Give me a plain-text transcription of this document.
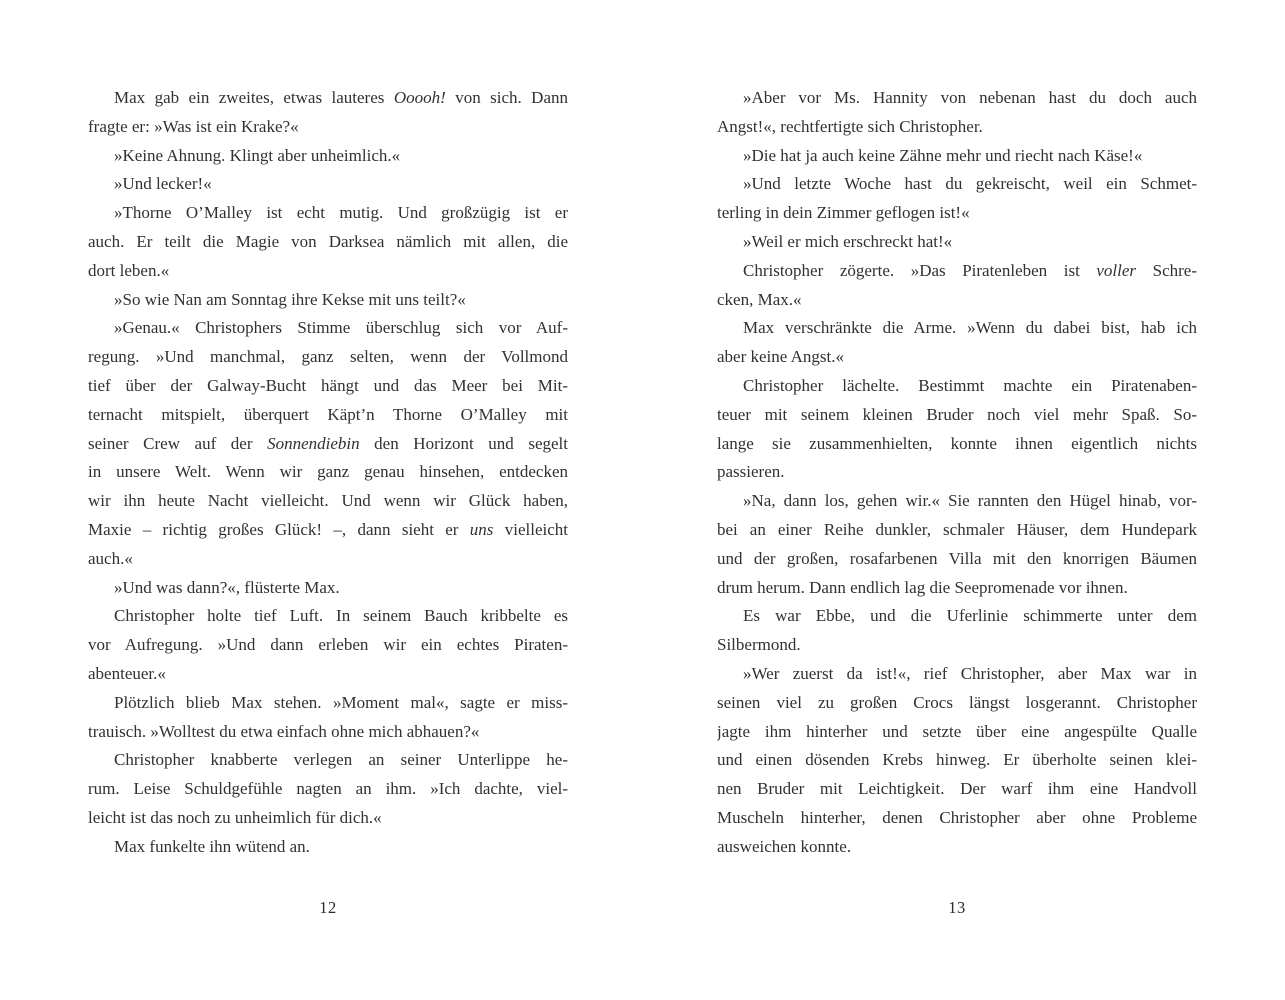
Max gab ein zweites, etwas lauteres Ooooh! von sich. Dann
fragte er: »Was ist ein Krake?«
»Keine Ahnung. Klingt aber unheimlich.«
»Und lecker!«
»Thorne O’Malley ist echt mutig. Und großzügig ist er
auch. Er teilt die Magie von Darksea nämlich mit allen, die
dort leben.«
»So wie Nan am Sonntag ihre Kekse mit uns teilt?«
»Genau.« Christophers Stimme überschlug sich vor Auf-
regung. »Und manchmal, ganz selten, wenn der Vollmond
tief über der Galway-Bucht hängt und das Meer bei Mit-
ternacht mitspielt, überquert Käpt’n Thorne O’Malley mit
seiner Crew auf der Sonnendiebin den Horizont und segelt
in unsere Welt. Wenn wir ganz genau hinsehen, entdecken
wir ihn heute Nacht vielleicht. Und wenn wir Glück haben,
Maxie – richtig großes Glück! –, dann sieht er uns vielleicht
auch.«
»Und was dann?«, flüsterte Max.
Christopher holte tief Luft. In seinem Bauch kribbelte es
vor Aufregung. »Und dann erleben wir ein echtes Piraten-
abenteuer.«
Plötzlich blieb Max stehen. »Moment mal«, sagte er miss-
trauisch. »Wolltest du etwa einfach ohne mich abhauen?«
Christopher knabberte verlegen an seiner Unterlippe he-
rum. Leise Schuldgefühle nagten an ihm. »Ich dachte, viel-
leicht ist das noch zu unheimlich für dich.«
Max funkelte ihn wütend an.
12
»Aber vor Ms. Hannity von nebenan hast du doch auch
Angst!«, rechtfertigte sich Christopher.
»Die hat ja auch keine Zähne mehr und riecht nach Käse!«
»Und letzte Woche hast du gekreischt, weil ein Schmet-
terling in dein Zimmer geflogen ist!«
»Weil er mich erschreckt hat!«
Christopher zögerte. »Das Piratenleben ist voller Schre-
cken, Max.«
Max verschränkte die Arme. »Wenn du dabei bist, hab ich
aber keine Angst.«
Christopher lächelte. Bestimmt machte ein Piratenaben-
teuer mit seinem kleinen Bruder noch viel mehr Spaß. So-
lange sie zusammenhielten, konnte ihnen eigentlich nichts
passieren.
»Na, dann los, gehen wir.« Sie rannten den Hügel hinab, vor-
bei an einer Reihe dunkler, schmaler Häuser, dem Hundepark
und der großen, rosafarbenen Villa mit den knorrigen Bäumen
drum herum. Dann endlich lag die Seepromenade vor ihnen.
Es war Ebbe, und die Uferlinie schimmerte unter dem
Silbermond.
»Wer zuerst da ist!«, rief Christopher, aber Max war in
seinen viel zu großen Crocs längst losgerannt. Christopher
jagte ihm hinterher und setzte über eine angespülte Qualle
und einen dösenden Krebs hinweg. Er überholte seinen klei-
nen Bruder mit Leichtigkeit. Der warf ihm eine Handvoll
Muscheln hinterher, denen Christopher aber ohne Probleme
ausweichen konnte.
13
